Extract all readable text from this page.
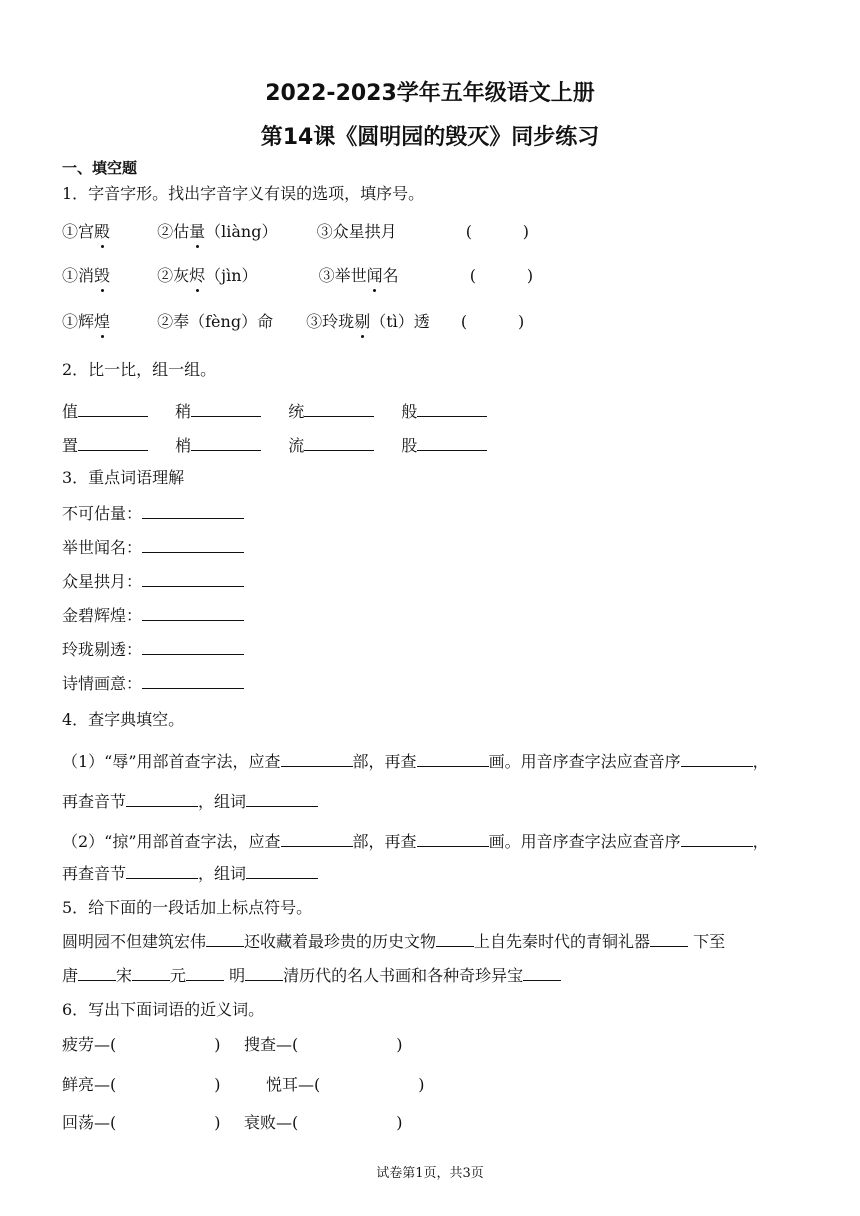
2022-2023学年五年级语文上册
第14课《圆明园的毁灭》同步练习
一、填空题
1．字音字形。找出字音字义有误的选项，填序号。
①宫殿	②估量（liàng） ③众星拱月	(          )
①消毁	②灰烬（jìn）	③举世闻名	(          )
①辉煌	②奉（fèng）命 ③玲珑剔（tì）透 (          )
2．比一比，组一组。
值	稍	统	般
置	梢	流	股
3．重点词语理解
不可估量：
举世闻名：
众星拱月：
金碧辉煌：
玲珑剔透：
诗情画意：
4．查字典填空。
（1）“辱”用部首查字法，应查	部，再查	画。用音序查字法应查音序	，
再查音节	，组词
（2）“掠”用部首查字法，应查	部，再查	画。用音序查字法应查音序	，
再查音节	，组词
5．给下面的一段话加上标点符号。
圆明园不但建筑宏伟 还收藏着最珍贵的历史文物 上自先秦时代的青铜礼器 下至
唐 宋 元 明 清历代的名人书画和各种奇珍异宝
6．写出下面词语的近义词。
疲劳—(	) 搜查—(	)
鲜亮—(	)	悦耳—(	)
回荡—(	) 衰败—(	)
试卷第1页，共3页
